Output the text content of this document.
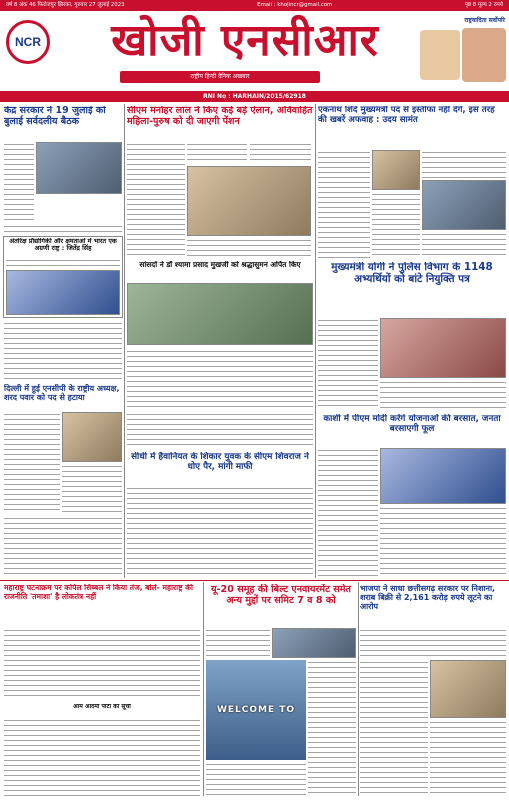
वर्ष 8 अंक 46 फिरोजपुर झिरका, गुरुवार 27 जुलाई 2023	Email : khojincr@gmail.com	पृष्ठ 8 मूल्य 2 रुपये
NCR	खोजी एनसीआर	राष्ट्रवादिता सर्वोपरि
राष्ट्रीय हिन्दी दैनिक अखबार
RNI No : HARHAIN/2015/62918
केंद्र सरकार ने 19 जुलाई को बुलाई सर्वदलीय बैठक
अंतरिक्ष प्रौद्योगिकी और क्षमताओं में भारत एक अग्रणी राष्ट्र : जितेंद्र सिंह
दिल्ली में हुई एनसीपी के राष्ट्रीय अध्यक्ष, शरद पवार को पद से हटाया
सीएम मनोहर लाल ने किए कई बड़े ऐलान, अविवाहित महिला-पुरुष को दी जाएगी पेंशन
सांसदों ने डॉ श्यामा प्रसाद मुखर्जी को श्रद्धासुमन अर्पित किए
एकनाथ शिंदे मुख्यमंत्री पद से इस्तीफा नहीं देंगे, इस तरह की खबरें अफवाह : उदय सामंत
मुख्यमंत्री योगी ने पुलिस विभाग के 1148 अभ्यर्थियों को बांटे नियुक्ति पत्र
सीधी में हैवानियत के शिकार युवक के सीएम शिवराज ने धोए पैर, मांगी माफी
काशी में पीएम मोदी करेंगे योजनाओं की बरसात, जनता बरसाएगी फूल
महाराष्ट्र घटनाक्रम पर कपिल सिब्बल ने किया तंज, बोले- महाराष्ट्र की राजनीति 'तमाशा' है लोकतंत्र नहीं
आम आदमी पार्टी की सूची
यू-20 समूह की बिल्ट एनवायरमेंट समेत अन्य मुद्दों पर समिट 7 व 8 को
WELCOME TO
भाजपा ने साधा छत्तीसगढ़ सरकार पर निशाना, शराब बिक्री से 2,161 करोड़ रुपये लूटने का आरोप
